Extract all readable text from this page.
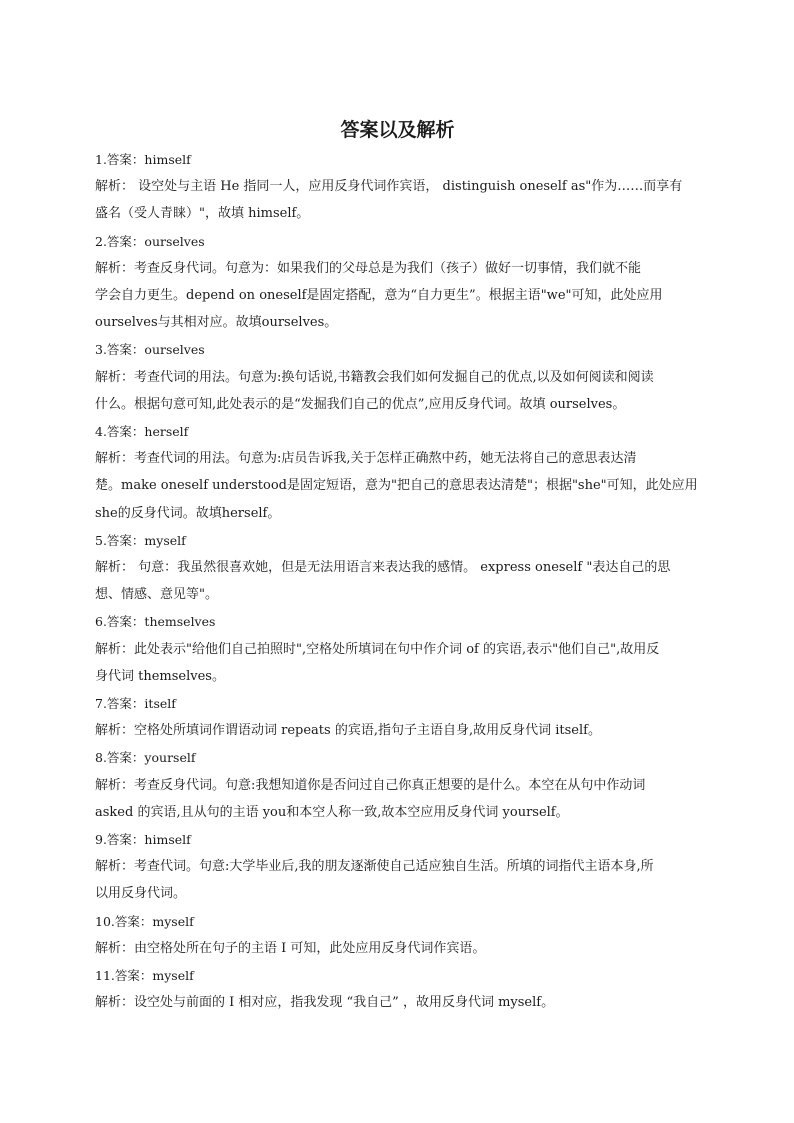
答案以及解析
1.答案：himself
解析： 设空处与主语 He 指同一人，应用反身代词作宾语， distinguish oneself as"作为……而享有
盛名（受人青睐）"，故填 himself。
2.答案：ourselves
解析：考查反身代词。句意为：如果我们的父母总是为我们（孩子）做好一切事情，我们就不能
学会自力更生。depend on oneself是固定搭配，意为“自力更生”。根据主语"we"可知，此处应用
ourselves与其相对应。故填ourselves。
3.答案：ourselves
解析：考查代词的用法。句意为:换句话说,书籍教会我们如何发掘自己的优点,以及如何阅读和阅读
什么。根据句意可知,此处表示的是“发掘我们自己的优点”,应用反身代词。故填 ourselves。
4.答案：herself
解析：考查代词的用法。句意为:店员告诉我,关于怎样正确熬中药，她无法将自己的意思表达清
楚。make oneself understood是固定短语，意为"把自己的意思表达清楚"；根据"she"可知，此处应用
she的反身代词。故填herself。
5.答案：myself
解析： 句意：我虽然很喜欢她，但是无法用语言来表达我的感情。 express oneself "表达自己的思
想、情感、意见等"。
6.答案：themselves
解析：此处表示"给他们自己拍照时",空格处所填词在句中作介词 of 的宾语,表示"他们自己",故用反
身代词 themselves。
7.答案：itself
解析：空格处所填词作谓语动词 repeats 的宾语,指句子主语自身,故用反身代词 itself。
8.答案：yourself
解析：考查反身代词。句意:我想知道你是否问过自己你真正想要的是什么。本空在从句中作动词
asked 的宾语,且从句的主语 you和本空人称一致,故本空应用反身代词 yourself。
9.答案：himself
解析：考查代词。句意:大学毕业后,我的朋友逐渐使自己适应独自生活。所填的词指代主语本身,所
以用反身代词。
10.答案：myself
解析：由空格处所在句子的主语 I 可知，此处应用反身代词作宾语。
11.答案：myself
解析：设空处与前面的 I 相对应，指我发现 “我自己” ，故用反身代词 myself。
